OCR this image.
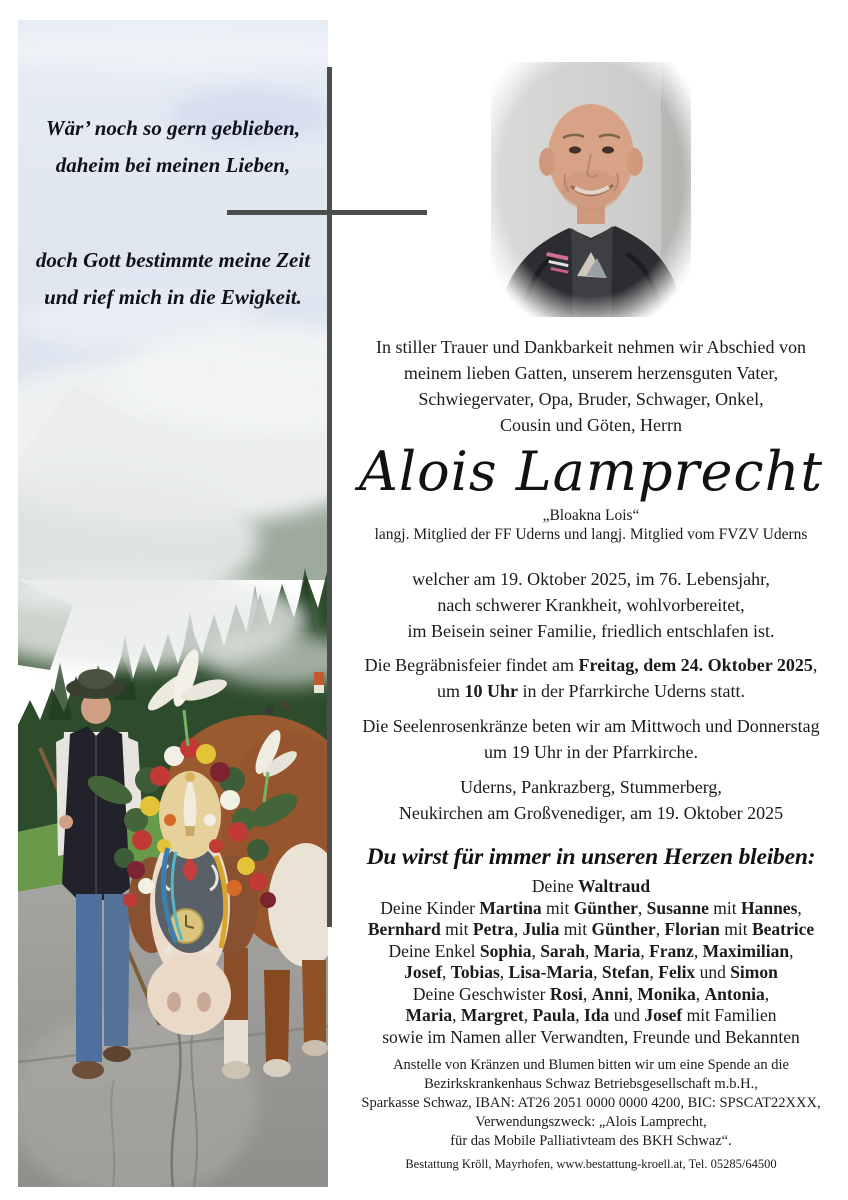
Wär’ noch so gern geblieben,
daheim bei meinen Lieben,
doch Gott bestimmte meine Zeit
und rief mich in die Ewigkeit.
In stiller Trauer und Dankbarkeit nehmen wir Abschied von
meinem lieben Gatten, unserem herzensguten Vater,
Schwiegervater, Opa, Bruder, Schwager, Onkel,
Cousin und Göten, Herrn
Alois Lamprecht
„Bloakna Lois“
langj. Mitglied der FF Uderns und langj. Mitglied vom FVZV Uderns
welcher am 19. Oktober 2025, im 76. Lebensjahr,
nach schwerer Krankheit, wohlvorbereitet,
im Beisein seiner Familie, friedlich entschlafen ist.
Die Begräbnisfeier findet am Freitag, dem 24. Oktober 2025,
um 10 Uhr in der Pfarrkirche Uderns statt.
Die Seelenrosenkränze beten wir am Mittwoch und Donnerstag
um 19 Uhr in der Pfarrkirche.
Uderns, Pankrazberg, Stummerberg,
Neukirchen am Großvenediger, am 19. Oktober 2025
Du wirst für immer in unseren Herzen bleiben:
Deine Waltraud
Deine Kinder Martina mit Günther, Susanne mit Hannes,
Bernhard mit Petra, Julia mit Günther, Florian mit Beatrice
Deine Enkel Sophia, Sarah, Maria, Franz, Maximilian,
Josef, Tobias, Lisa-Maria, Stefan, Felix und Simon
Deine Geschwister Rosi, Anni, Monika, Antonia,
Maria, Margret, Paula, Ida und Josef mit Familien
sowie im Namen aller Verwandten, Freunde und Bekannten
Anstelle von Kränzen und Blumen bitten wir um eine Spende an die
Bezirkskrankenhaus Schwaz Betriebsgesellschaft m.b.H.,
Sparkasse Schwaz, IBAN: AT26 2051 0000 0000 4200, BIC: SPSCAT22XXX,
Verwendungszweck: „Alois Lamprecht,
für das Mobile Palliativteam des BKH Schwaz“.
Bestattung Kröll, Mayrhofen, www.bestattung-kroell.at, Tel. 05285/64500
